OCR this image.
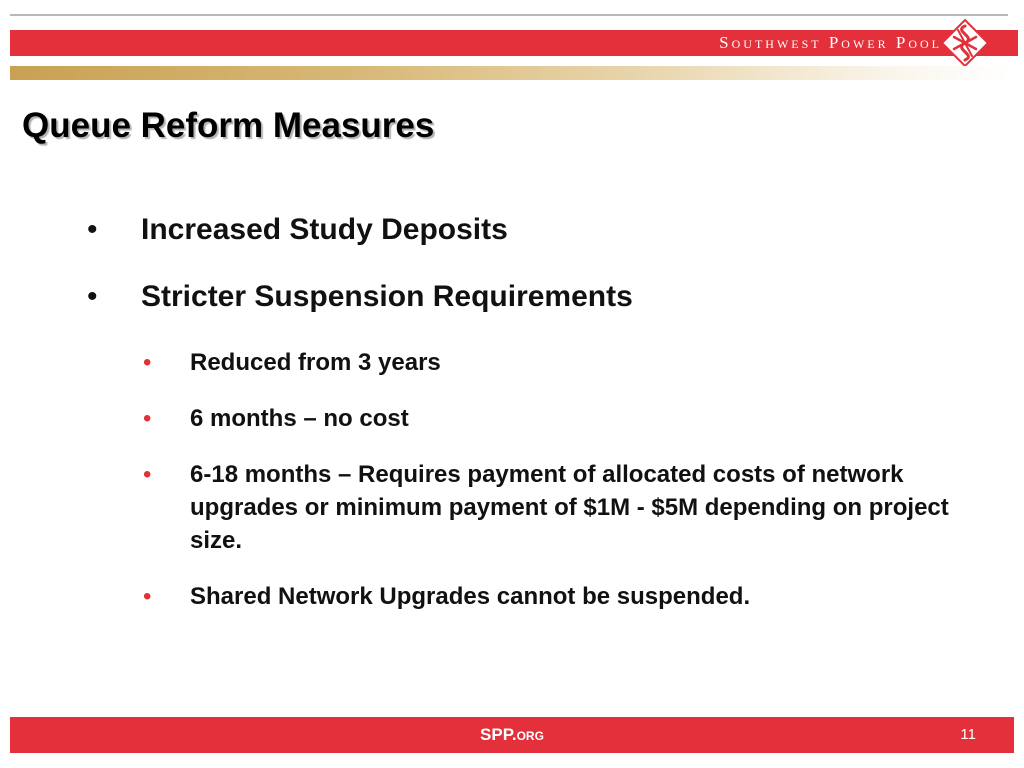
Southwest Power Pool
Queue Reform Measures
• Increased Study Deposits
• Stricter Suspension Requirements
• Reduced from 3 years
• 6 months – no cost
• 6-18 months – Requires payment of allocated costs of network upgrades or minimum payment of $1M - $5M depending on project size.
• Shared Network Upgrades cannot be suspended.
SPP.org	11
